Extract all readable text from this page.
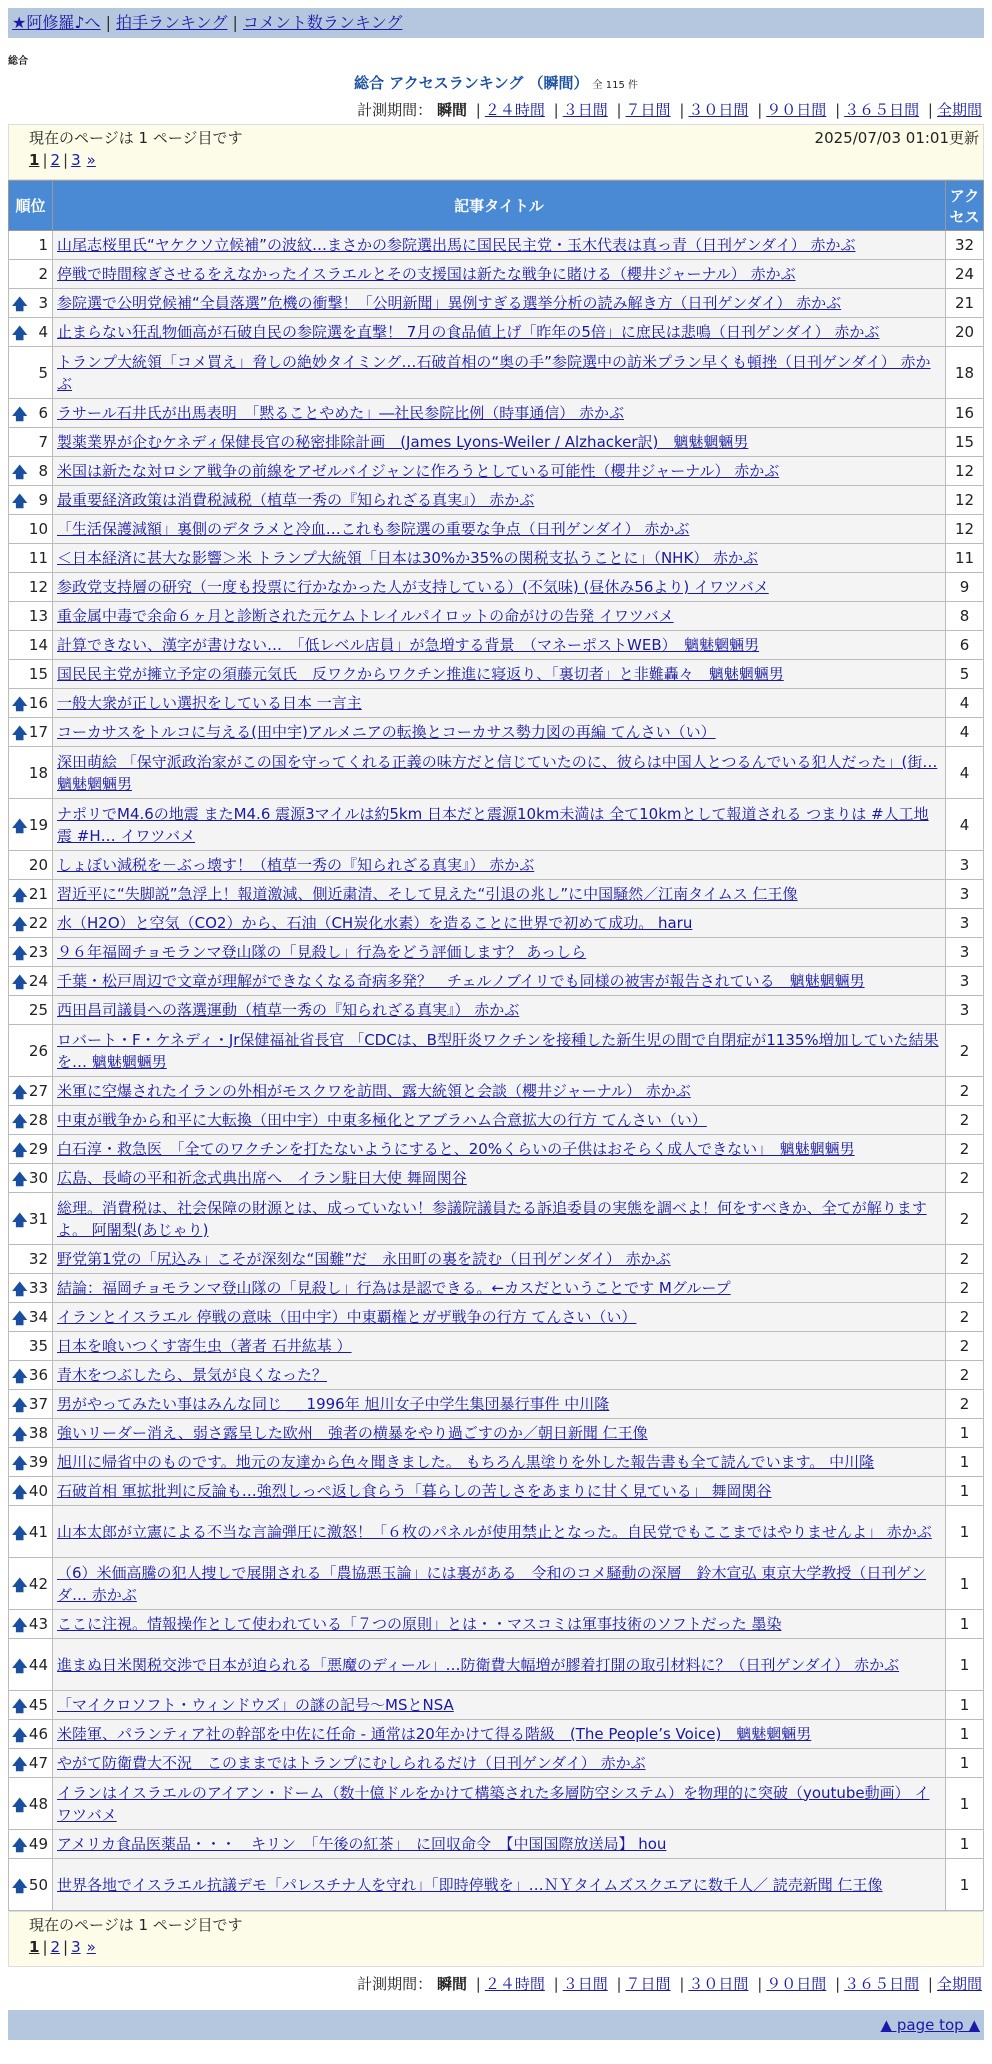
★阿修羅♪へ | 拍手ランキング | コメント数ランキング
総合
総合 アクセスランキング （瞬間） 全 115 件
計測期間： 瞬間 | ２４時間 | ３日間 | ７日間 | ３０日間 | ９０日間 | ３６５日間 | 全期間
現在のページは 1 ページ目です	2025/07/03 01:01更新
1 | 2 | 3 »
順位	記事タイトル	アクセス
1	山尾志桜里氏“ヤケクソ立候補”の波紋…まさかの参院選出馬に国民民主党・玉木代表は真っ青（日刊ゲンダイ） 赤かぶ	32
2	停戦で時間稼ぎさせるをえなかったイスラエルとその支援国は新たな戦争に賭ける（櫻井ジャーナル） 赤かぶ	24

🡅 3	参院選で公明党候補“全員落選”危機の衝撃！「公明新聞」異例すぎる選挙分析の読み解き方（日刊ゲンダイ） 赤かぶ	21

🡅 4	止まらない狂乱物価高が石破自民の参院選を直撃！ 7月の食品値上げ「昨年の5倍」に庶民は悲鳴（日刊ゲンダイ） 赤かぶ	20
5	トランプ大統領「コメ買え」脅しの絶妙タイミング…石破首相の“奥の手”参院選中の訪米プラン早くも頓挫（日刊ゲンダイ） 赤かぶ	18

🡅 6	ラサール石井氏が出馬表明　「黙ることやめた」―社民参院比例（時事通信） 赤かぶ	16
7	製薬業界が企むケネディ保健長官の秘密排除計画　(James Lyons-Weiler / Alzhacker訳)　魑魅魍魎男	15

🡅 8	米国は新たな対ロシア戦争の前線をアゼルバイジャンに作ろうとしている可能性（櫻井ジャーナル） 赤かぶ	12

🡅 9	最重要経済政策は消費税減税（植草一秀の『知られざる真実』） 赤かぶ	12
10	「生活保護減額」裏側のデタラメと冷血…これも参院選の重要な争点（日刊ゲンダイ） 赤かぶ	12
11	＜日本経済に甚大な影響＞米 トランプ大統領「日本は30%か35%の関税支払うことに」（NHK） 赤かぶ	11
12	参政党支持層の研究（一度も投票に行かなかった人が支持している）(不気味) (昼休み56より) イワツバメ	9
13	重金属中毒で余命６ヶ月と診断された元ケムトレイルパイロットの命がけの告発 イワツバメ	8
14	計算できない、漢字が書けない…　「低レベル店員」が急増する背景　（マネーポストWEB）　魑魅魍魎男	6
15	国民民主党が擁立予定の須藤元気氏　反ワクからワクチン推進に寝返り、「裏切者」と非難轟々　魑魅魍魎男	5

🡅 16	一般大衆が正しい選択をしている日本 一言主	4

🡅 17	コーカサスをトルコに与える(田中宇)アルメニアの転換とコーカサス勢力図の再編 てんさい（い）	4
18	深田萌絵 「保守派政治家がこの国を守ってくれる正義の味方だと信じていたのに、彼らは中国人とつるんでいる犯人だった」(街… 魑魅魍魎男	4

🡅 19	ナポリでM4.6の地震 またM4.6 震源3マイルは約5km 日本だと震源10km未満は 全て10kmとして報道される つまりは #人工地震 #H… イワツバメ	4
20	しょぼい減税を－ぶっ壊す！（植草一秀の『知られざる真実』） 赤かぶ	3

🡅 21	習近平に“失脚説”急浮上！報道激減、側近粛清、そして見えた“引退の兆し”に中国騒然／江南タイムス 仁王像	3

🡅 22	水（H2O）と空気（CO2）から、石油（CH炭化水素）を造ることに世界で初めて成功。 haru	3

🡅 23	９６年福岡チョモランマ登山隊の「見殺し」行為をどう評価します？ あっしら	3

🡅 24	千葉・松戸周辺で文章が理解ができなくなる奇病多発？　チェルノブイリでも同様の被害が報告されている　魑魅魍魎男	3
25	西田昌司議員への落選運動（植草一秀の『知られざる真実』） 赤かぶ	3
26	ロバート・F・ケネディ・Jr保健福祉省長官 「CDCは、B型肝炎ワクチンを接種した新生児の間で自閉症が1135%増加していた結果を… 魑魅魍魎男	2

🡅 27	米軍に空爆されたイランの外相がモスクワを訪問、露大統領と会談（櫻井ジャーナル） 赤かぶ	2

🡅 28	中東が戦争から和平に大転換（田中宇）中東多極化とアブラハム合意拡大の行方 てんさい（い）	2

🡅 29	白石淳・救急医　「全てのワクチンを打たないようにすると、20%くらいの子供はおそらく成人できない」　魑魅魍魎男	2

🡅 30	広島、長崎の平和祈念式典出席へ　イラン駐日大使 舞岡関谷	2

🡅 31	総理。消費税は、社会保障の財源とは、成っていない！参議院議員たる訴追委員の実態を調べよ！何をすべきか、全てが解りますよ。 阿闍梨(あじゃり)	2
32	野党第1党の「尻込み」こそが深刻な“国難”だ　永田町の裏を読む（日刊ゲンダイ） 赤かぶ	2

🡅 33	結論：福岡チョモランマ登山隊の「見殺し」行為は是認できる。←カスだということです Mグループ	2

🡅 34	イランとイスラエル 停戦の意味（田中宇）中東覇権とガザ戦争の行方 てんさい（い）	2
35	日本を喰いつくす寄生虫（著者 石井紘基 ）	2

🡅 36	青木をつぶしたら、景気が良くなった？	2

🡅 37	男がやってみたい事はみんな同じ ＿ 1996年 旭川女子中学生集団暴行事件 中川隆	2

🡅 38	強いリーダー消え、弱さ露呈した欧州　強者の横暴をやり過ごすのか／朝日新聞 仁王像	1

🡅 39	旭川に帰省中のものです。地元の友達から色々聞きました。 もちろん黒塗りを外した報告書も全て読んでいます。 中川隆	1

🡅 40	石破首相 軍拡批判に反論も…強烈しっぺ返し食らう「暮らしの苦しさをあまりに甘く見ている」 舞岡関谷	1

🡅 41	山本太郎が立憲による不当な言論弾圧に激怒！「６枚のパネルが使用禁止となった。自民党でもここまではやりませんよ」 赤かぶ	1

🡅 42	（6）米価高騰の犯人捜しで展開される「農協悪玉論」には裏がある　令和のコメ騒動の深層　鈴木宣弘 東京大学教授（日刊ゲンダ… 赤かぶ	1

🡅 43	ここに注視。情報操作として使われている「７つの原則」とは・・マスコミは軍事技術のソフトだった 墨染	1

🡅 44	進まぬ日米関税交渉で日本が迫られる「悪魔のディール」…防衛費大幅増が膠着打開の取引材料に？（日刊ゲンダイ） 赤かぶ	1

🡅 45	「マイクロソフト・ウィンドウズ」の謎の記号～MSとNSA	1

🡅 46	米陸軍、パランティア社の幹部を中佐に任命 - 通常は20年かけて得る階級　(The People’s Voice)　魑魅魍魎男	1

🡅 47	やがて防衛費大不況　このままではトランプにむしられるだけ（日刊ゲンダイ） 赤かぶ	1

🡅 48	イランはイスラエルのアイアン・ドーム（数十億ドルをかけて構築された多層防空システム）を物理的に突破（youtube動画） イワツバメ	1

🡅 49	アメリカ食品医薬品・・・　キリン　「午後の紅茶」　に回収命令　【中国国際放送局】 hou	1

🡅 50	世界各地でイスラエル抗議デモ「パレスチナ人を守れ」「即時停戦を」…ＮＹタイムズスクエアに数千人／ 読売新聞 仁王像	1
現在のページは 1 ページ目です
1 | 2 | 3 »
計測期間： 瞬間 | ２４時間 | ３日間 | ７日間 | ３０日間 | ９０日間 | ３６５日間 | 全期間
▲ page top ▲
